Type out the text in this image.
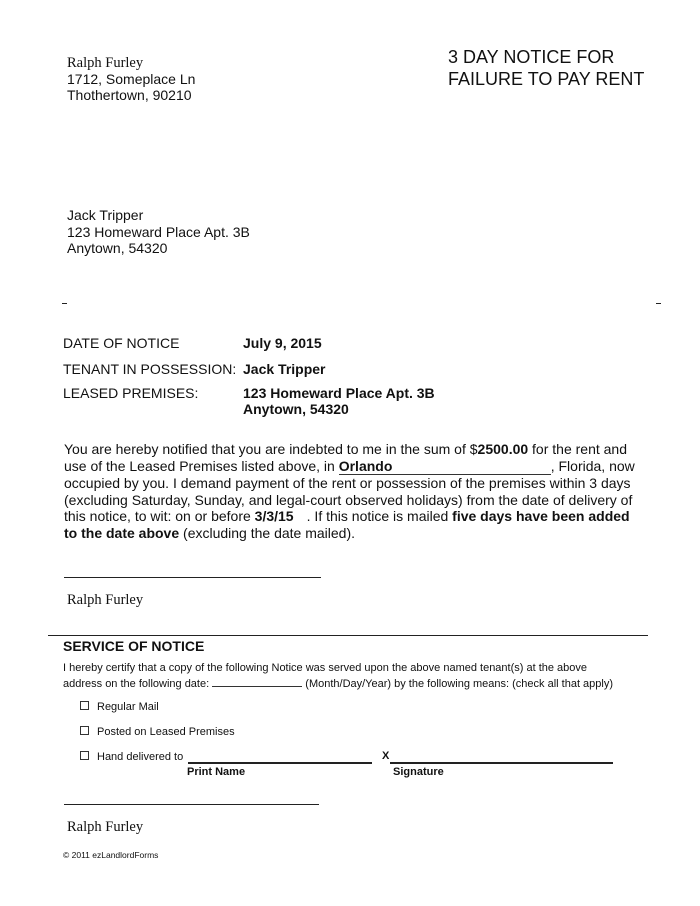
Ralph Furley
1712, Someplace Ln
Thothertown, 90210
3 DAY NOTICE FOR
FAILURE TO PAY RENT
Jack Tripper
123 Homeward Place Apt. 3B
Anytown, 54320
DATE OF NOTICE	July 9, 2015
TENANT IN POSSESSION: Jack Tripper
LEASED PREMISES:	123 Homeward Place Apt. 3B
Anytown, 54320
You are hereby notified that you are indebted to me in the sum of $2500.00 for the rent and
use of the Leased Premises listed above, in Orlando	, Florida, now
occupied by you. I demand payment of the rent or possession of the premises within 3 days
(excluding Saturday, Sunday, and legal-court observed holidays) from the date of delivery of
this notice, to wit: on or before 3/3/15 . If this notice is mailed five days have been added
to the date above (excluding the date mailed).
Ralph Furley
SERVICE OF NOTICE
I hereby certify that a copy of the following Notice was served upon the above named tenant(s) at the above
address on the following date:	(Month/Day/Year) by the following means: (check all that apply)
Regular Mail
Posted on Leased Premises
Hand delivered to	X
Print Name	Signature
Ralph Furley
© 2011 ezLandlordForms
